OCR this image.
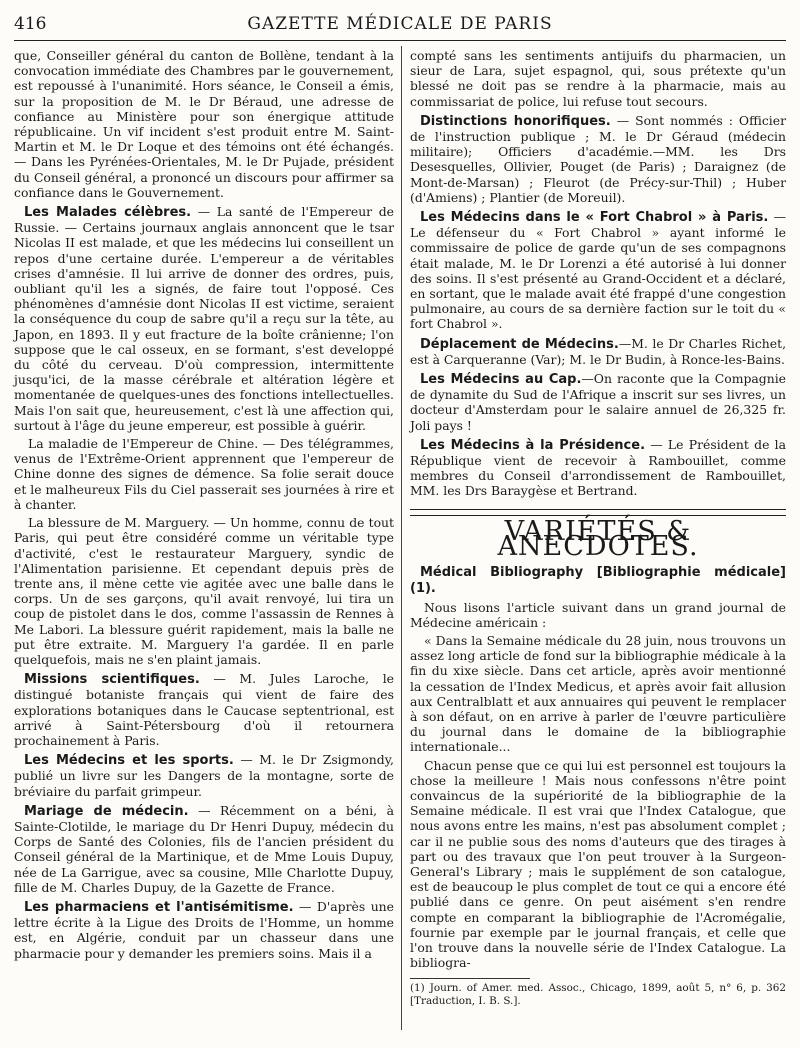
416	GAZETTE MÉDICALE DE PARIS

que, Conseiller général du canton de Bollène, tendant à la convocation immédiate des Chambres par le gouvernement, est repoussé à l'unanimité. Hors séance, le Conseil a émis, sur la proposition de M. le Dr Béraud, une adresse de confiance au Ministère pour son énergique attitude républicaine. Un vif incident s'est produit entre M. Saint-Martin et M. le Dr Loque et des témoins ont été échangés. — Dans les Pyrénées-Orientales, M. le Dr Pujade, président du Conseil général, a prononcé un discours pour affirmer sa confiance dans le Gouvernement.

Les Malades célèbres. — La santé de l'Empereur de Russie. — Certains journaux anglais annoncent que le tsar Nicolas II est malade, et que les médecins lui conseillent un repos d'une certaine durée. L'empereur a de véritables crises d'amnésie. Il lui arrive de donner des ordres, puis, oubliant qu'il les a signés, de faire tout l'opposé. Ces phénomènes d'amnésie dont Nicolas II est victime, seraient la conséquence du coup de sabre qu'il a reçu sur la tête, au Japon, en 1893. Il y eut fracture de la boîte crânienne; l'on suppose que le cal osseux, en se formant, s'est developpé du côté du cerveau. D'où compression, intermittente jusqu'ici, de la masse cérébrale et altération légère et momentanée de quelques-unes des fonctions intellectuelles. Mais l'on sait que, heureusement, c'est là une affection qui, surtout à l'âge du jeune empereur, est possible à guérir.

La maladie de l'Empereur de Chine. — Des télégrammes, venus de l'Extrême-Orient apprennent que l'empereur de Chine donne des signes de démence. Sa folie serait douce et le malheureux Fils du Ciel passerait ses journées à rire et à chanter.

La blessure de M. Marguery. — Un homme, connu de tout Paris, qui peut être considéré comme un véritable type d'activité, c'est le restaurateur Marguery, syndic de l'Alimentation parisienne. Et cependant depuis près de trente ans, il mène cette vie agitée avec une balle dans le corps. Un de ses garçons, qu'il avait renvoyé, lui tira un coup de pistolet dans le dos, comme l'assassin de Rennes à Me Labori. La blessure guérit rapidement, mais la balle ne put être extraite. M. Marguery l'a gardée. Il en parle quelquefois, mais ne s'en plaint jamais.

Missions scientifiques. — M. Jules Laroche, le distingué botaniste français qui vient de faire des explorations botaniques dans le Caucase septentrional, est arrivé à Saint-Pétersbourg d'où il retournera prochainement à Paris.

Les Médecins et les sports. — M. le Dr Zsigmondy, publié un livre sur les Dangers de la montagne, sorte de bréviaire du parfait grimpeur.

Mariage de médecin. — Récemment on a béni, à Sainte-Clotilde, le mariage du Dr Henri Dupuy, médecin du Corps de Santé des Colonies, fils de l'ancien président du Conseil général de la Martinique, et de Mme Louis Dupuy, née de La Garrigue, avec sa cousine, Mlle Charlotte Dupuy, fille de M. Charles Dupuy, de la Gazette de France.

Les pharmaciens et l'antisémitisme. — D'après une lettre écrite à la Ligue des Droits de l'Homme, un homme est, en Algérie, conduit par un chasseur dans une pharmacie pour y demander les premiers soins. Mais il a

compté sans les sentiments antijuifs du pharmacien, un sieur de Lara, sujet espagnol, qui, sous prétexte qu'un blessé ne doit pas se rendre à la pharmacie, mais au commissariat de police, lui refuse tout secours.

Distinctions honorifiques. — Sont nommés : Officier de l'instruction publique ; M. le Dr Géraud (médecin militaire); Officiers d'académie.—MM. les Drs Desesquelles, Ollivier, Pouget (de Paris) ; Daraignez (de Mont-de-Marsan) ; Fleurot (de Précy-sur-Thil) ; Huber (d'Amiens) ; Plantier (de Moreuil).

Les Médecins dans le « Fort Chabrol » à Paris. — Le défenseur du « Fort Chabrol » ayant informé le commissaire de police de garde qu'un de ses compagnons était malade, M. le Dr Lorenzi a été autorisé à lui donner des soins. Il s'est présenté au Grand-Occident et a déclaré, en sortant, que le malade avait été frappé d'une congestion pulmonaire, au cours de sa dernière faction sur le toit du « fort Chabrol ».

Déplacement de Médecins.—M. le Dr Charles Richet, est à Carqueranne (Var); M. le Dr Budin, à Ronce-les-Bains.

Les Médecins au Cap.—On raconte que la Compagnie de dynamite du Sud de l'Afrique a inscrit sur ses livres, un docteur d'Amsterdam pour le salaire annuel de 26,325 fr. Joli pays !

Les Médecins à la Présidence. — Le Président de la République vient de recevoir à Rambouillet, comme membres du Conseil d'arrondissement de Rambouillet, MM. les Drs Baraygèse et Bertrand.

VARIÉTÉS & ANECDOTES.

Médical Bibliography [Bibliographie médicale] (1).

Nous lisons l'article suivant dans un grand journal de Médecine américain :

« Dans la Semaine médicale du 28 juin, nous trouvons un assez long article de fond sur la bibliographie médicale à la fin du xixe siècle. Dans cet article, après avoir mentionné la cessation de l'Index Medicus, et après avoir fait allusion aux Centralblatt et aux annuaires qui peuvent le remplacer à son défaut, on en arrive à parler de l'œuvre particulière du journal dans le domaine de la bibliographie internationale...

Chacun pense que ce qui lui est personnel est toujours la chose la meilleure ! Mais nous confessons n'être point convaincus de la supériorité de la bibliographie de la Semaine médicale. Il est vrai que l'Index Catalogue, que nous avons entre les mains, n'est pas absolument complet ; car il ne publie sous des noms d'auteurs que des tirages à part ou des travaux que l'on peut trouver à la Surgeon-General's Library ; mais le supplément de son catalogue, est de beaucoup le plus complet de tout ce qui a encore été publié dans ce genre. On peut aisément s'en rendre compte en comparant la bibliographie de l'Acromégalie, fournie par exemple par le journal français, et celle que l'on trouve dans la nouvelle série de l'Index Catalogue. La bibliogra-

(1) Journ. of Amer. med. Assoc., Chicago, 1899, août 5, n° 6, p. 362 [Traduction, I. B. S.].
